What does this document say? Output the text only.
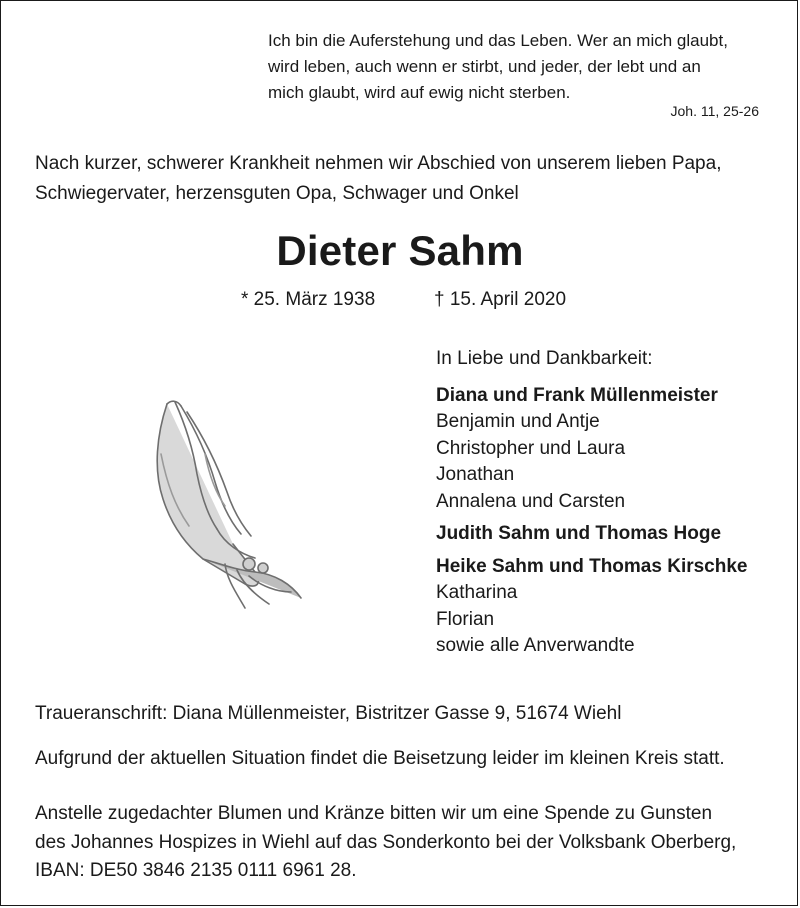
Ich bin die Auferstehung und das Leben. Wer an mich glaubt,
wird leben, auch wenn er stirbt, und jeder, der lebt und an
mich glaubt, wird auf ewig nicht sterben.
Joh. 11, 25-26
Nach kurzer, schwerer Krankheit nehmen wir Abschied von unserem lieben Papa,
Schwiegervater, herzensguten Opa, Schwager und Onkel
Dieter Sahm
* 25. März 1938	† 15. April 2020
In Liebe und Dankbarkeit:
Diana und Frank Müllenmeister
Benjamin und Antje
Christopher und Laura
Jonathan
Annalena und Carsten
Judith Sahm und Thomas Hoge
Heike Sahm und Thomas Kirschke
Katharina
Florian
sowie alle Anverwandte
Traueranschrift: Diana Müllenmeister, Bistritzer Gasse 9, 51674 Wiehl
Aufgrund der aktuellen Situation findet die Beisetzung leider im kleinen Kreis statt.
Anstelle zugedachter Blumen und Kränze bitten wir um eine Spende zu Gunsten
des Johannes Hospizes in Wiehl auf das Sonderkonto bei der Volksbank Oberberg,
IBAN: DE50 3846 2135 0111 6961 28.
